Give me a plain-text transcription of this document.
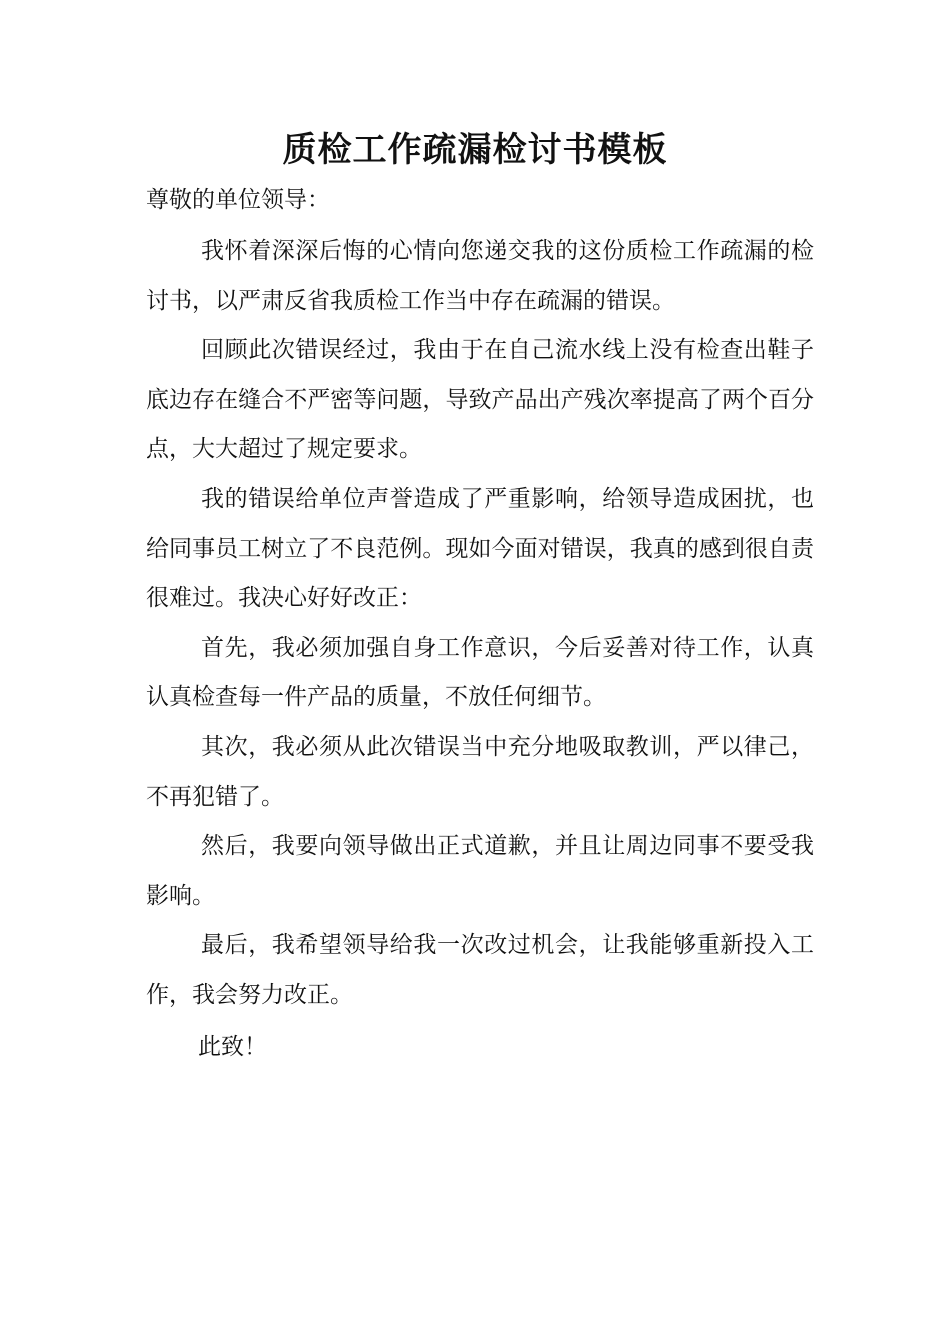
质检工作疏漏检讨书模板
尊敬的单位领导：

我怀着深深后悔的心情向您递交我的这份质检工作疏漏的检讨书，以严肃反省我质检工作当中存在疏漏的错误。

回顾此次错误经过，我由于在自己流水线上没有检查出鞋子底边存在缝合不严密等问题，导致产品出产残次率提高了两个百分点，大大超过了规定要求。

我的错误给单位声誉造成了严重影响，给领导造成困扰，也给同事员工树立了不良范例。现如今面对错误，我真的感到很自责很难过。我决心好好改正：

首先，我必须加强自身工作意识，今后妥善对待工作，认真认真检查每一件产品的质量，不放任何细节。

其次，我必须从此次错误当中充分地吸取教训，严以律己，不再犯错了。

然后，我要向领导做出正式道歉，并且让周边同事不要受我影响。

最后，我希望领导给我一次改过机会，让我能够重新投入工作，我会努力改正。

此致！
